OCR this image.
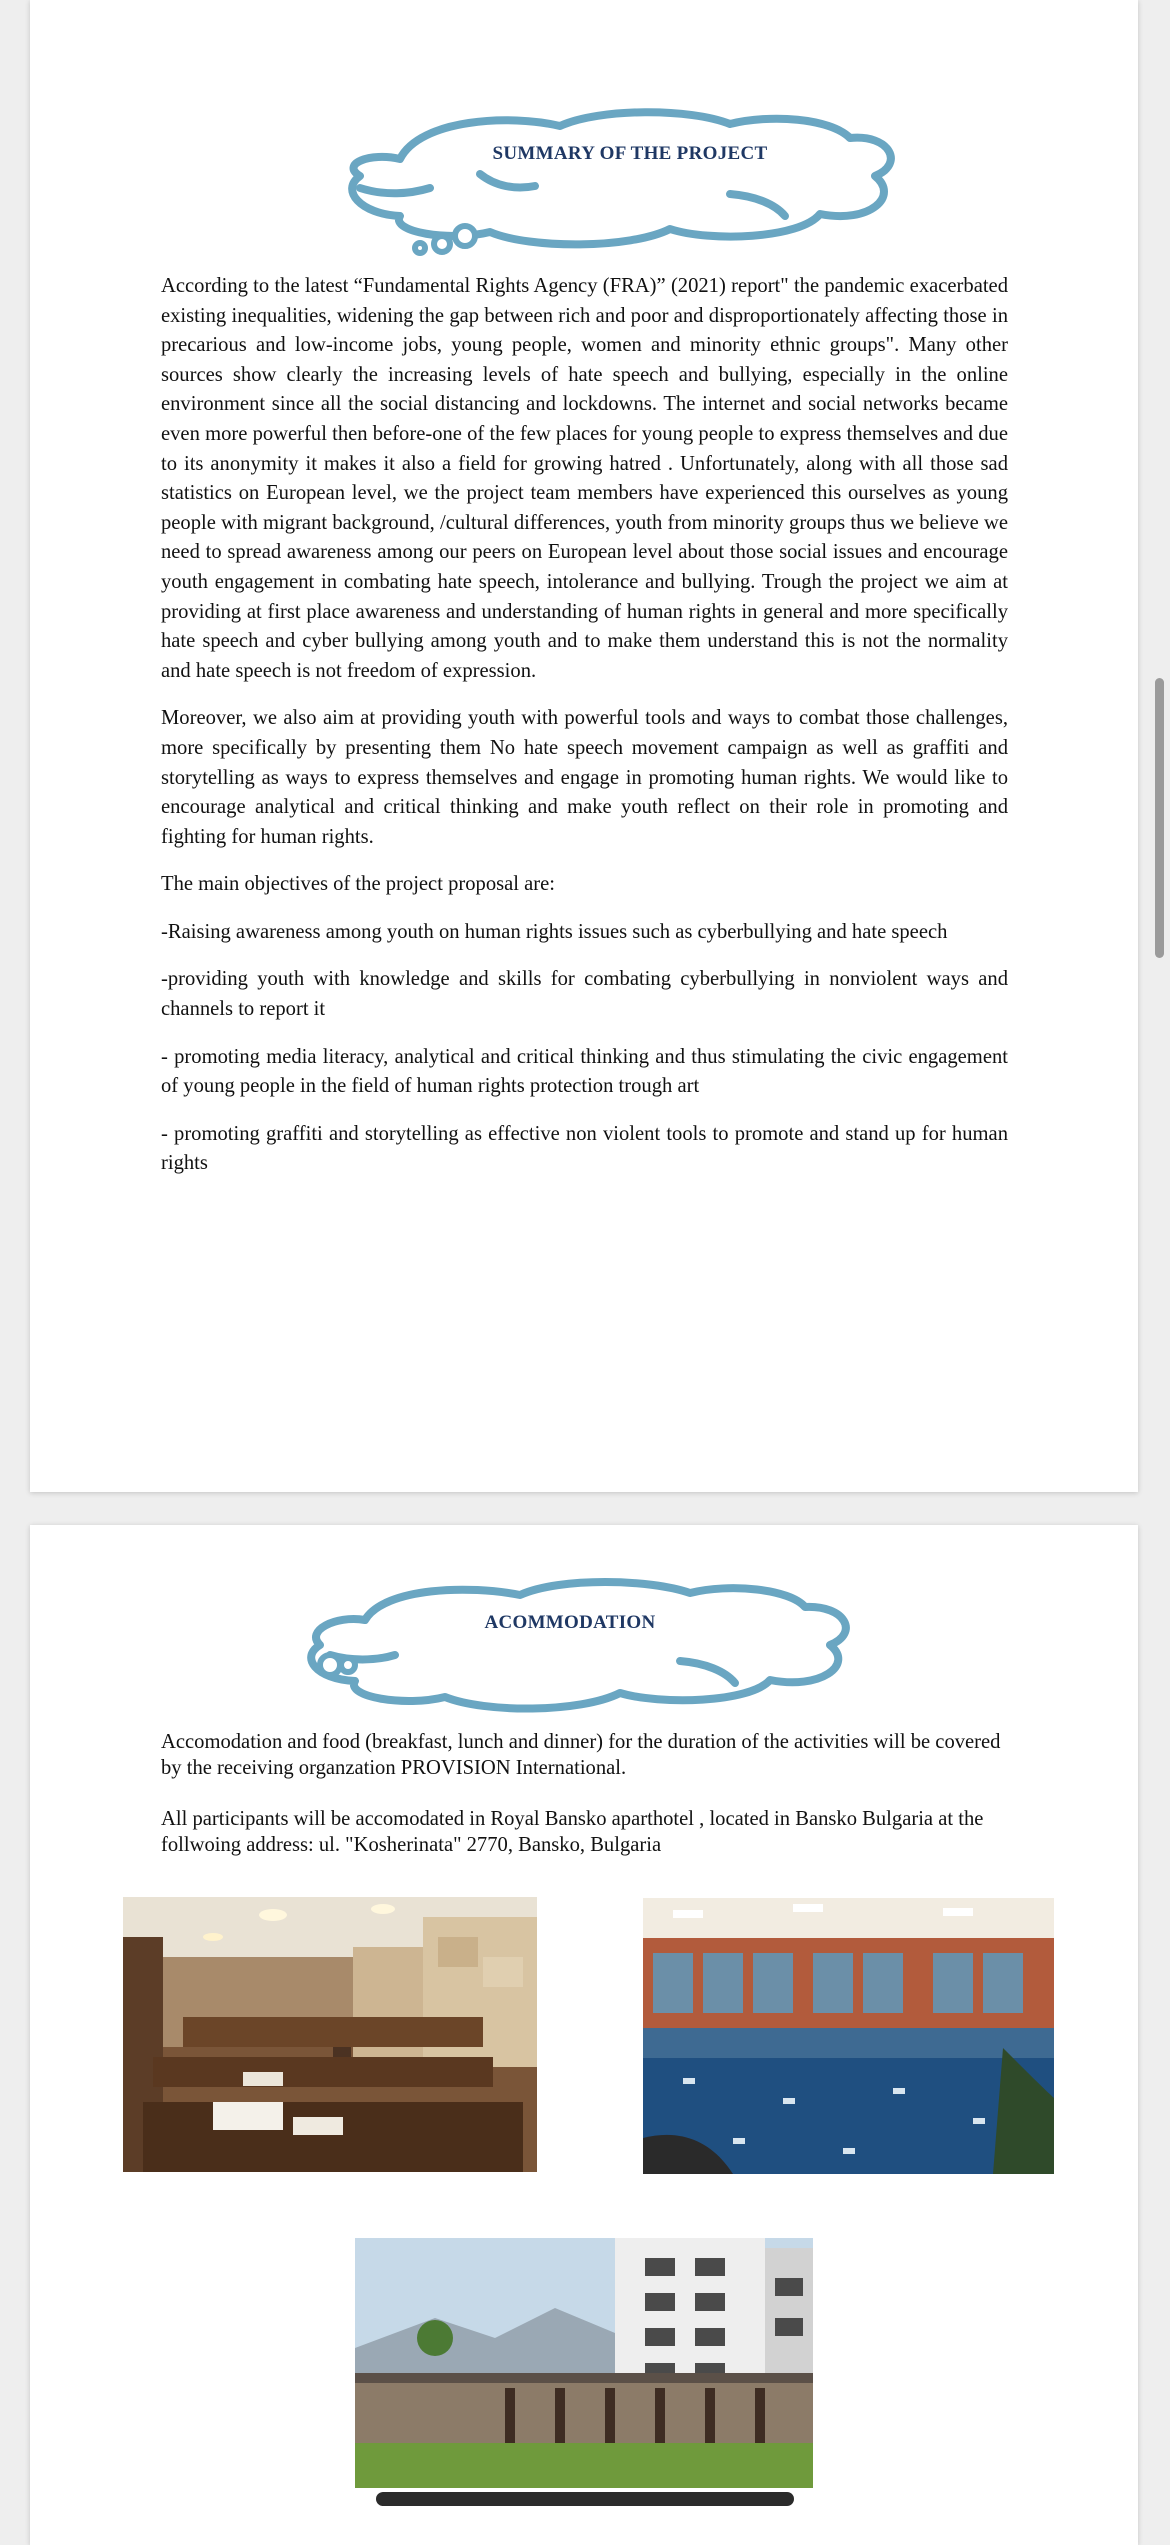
SUMMARY OF THE PROJECT

According to the latest “Fundamental Rights Agency (FRA)” (2021) report" the pandemic exacerbated existing inequalities, widening the gap between rich and poor and disproportionately affecting those in precarious and low-income jobs, young people, women and minority ethnic groups". Many other sources show clearly the increasing levels of hate speech and bullying, especially in the online environment since all the social distancing and lockdowns. The internet and social networks became even more powerful then before-one of the few places for young people to express themselves and due to its anonymity it makes it also a field for growing hatred . Unfortunately, along with all those sad statistics on European level, we the project team members have experienced this ourselves as young people with migrant background, /cultural differences, youth from minority groups thus we believe we need to spread awareness among our peers on European level about those social issues and encourage youth engagement in combating hate speech, intolerance and bullying. Trough the project we aim at providing at first place awareness and understanding of human rights in general and more specifically hate speech and cyber bullying among youth and to make them understand this is not the normality and hate speech is not freedom of expression.

Moreover, we also aim at providing youth with powerful tools and ways to combat those challenges, more specifically by presenting them No hate speech movement campaign as well as graffiti and storytelling as ways to express themselves and engage in promoting human rights. We would like to encourage analytical and critical thinking and make youth reflect on their role in promoting and fighting for human rights.

The main objectives of the project proposal are:

-Raising awareness among youth on human rights issues such as cyberbullying and hate speech

-providing youth with knowledge and skills for combating cyberbullying in nonviolent ways and channels to report it

- promoting media literacy, analytical and critical thinking and thus stimulating the civic engagement of young people in the field of human rights protection trough art

- promoting graffiti and storytelling as effective non violent tools to promote and stand up for human rights

ACOMMODATION

Accomodation and food (breakfast, lunch and dinner) for the duration of the activities will be covered by the receiving organzation PROVISION International.

All participants will be accomodated in Royal Bansko aparthotel , located in Bansko Bulgaria at the follwoing address: ul. "Kosherinata" 2770, Bansko, Bulgaria
